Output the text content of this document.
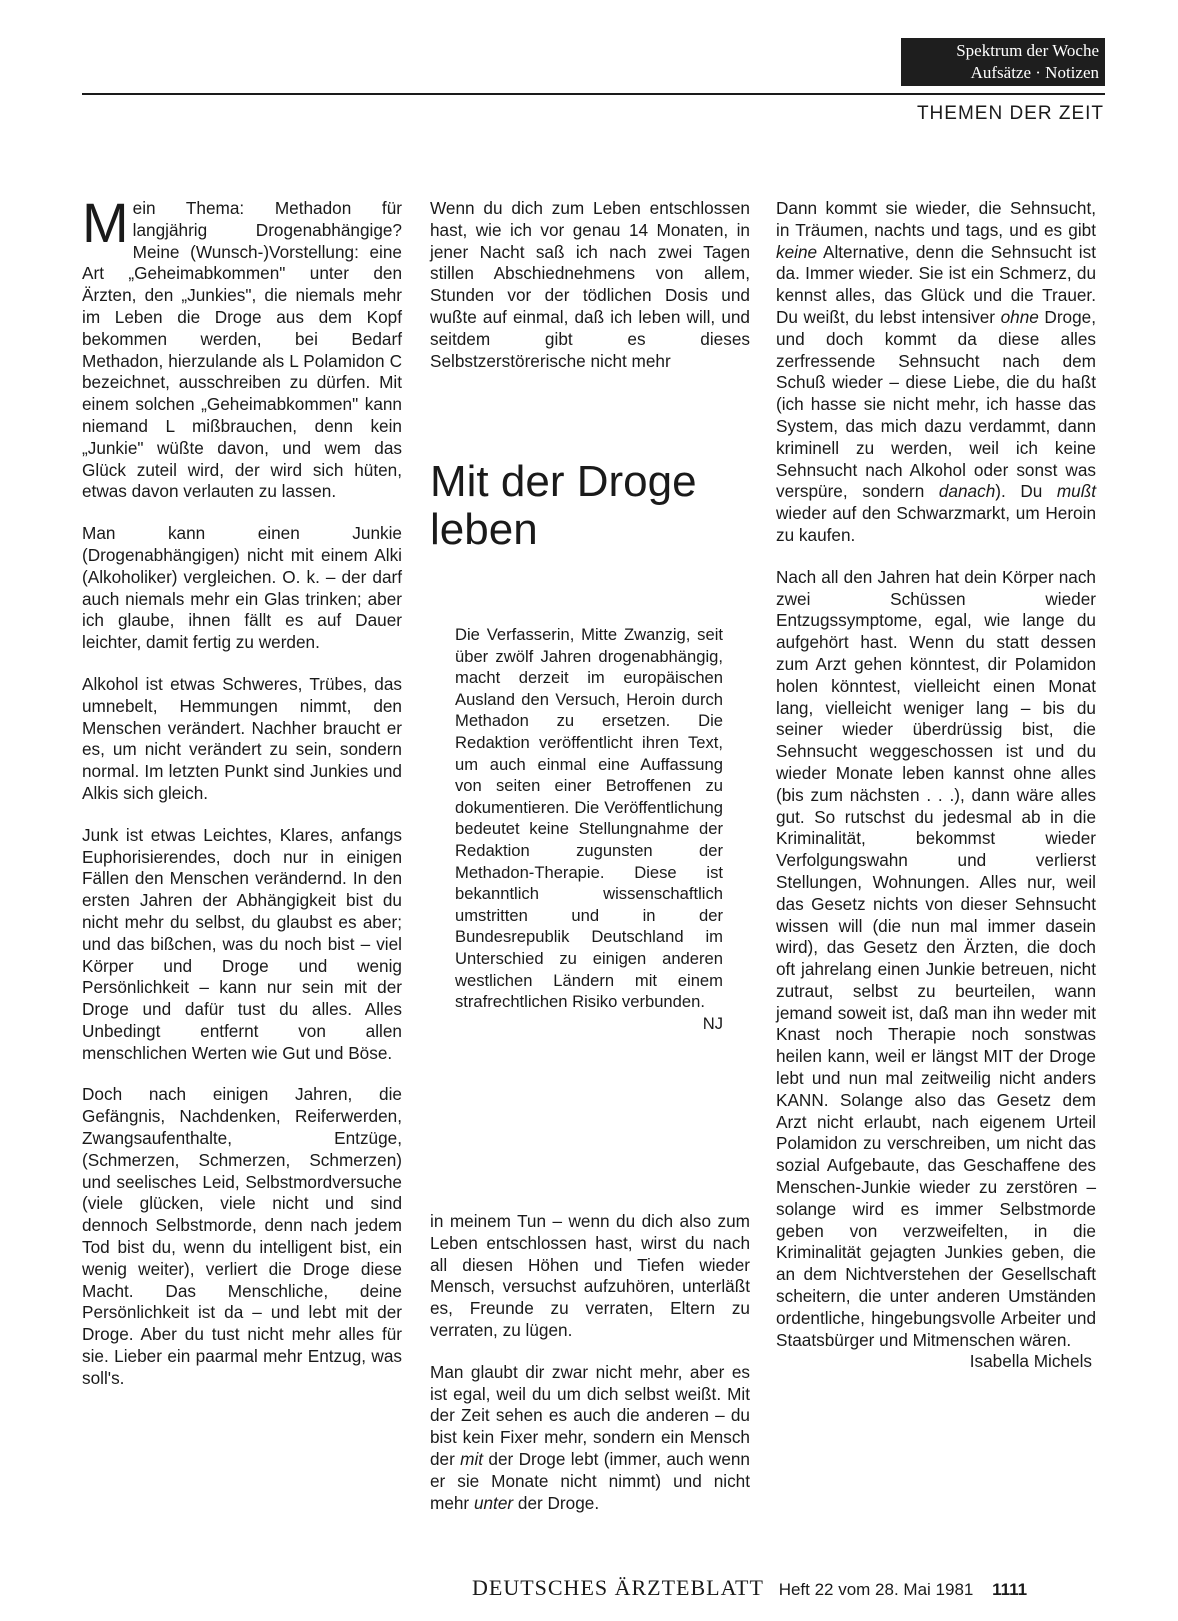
Spektrum der Woche
Aufsätze · Notizen
THEMEN DER ZEIT

Mein Thema: Methadon für langjährig Drogenabhängige? Meine (Wunsch-)Vorstellung: eine Art „Geheimabkommen" unter den Ärzten, den „Junkies", die niemals mehr im Leben die Droge aus dem Kopf bekommen werden, bei Bedarf Methadon, hierzulande als L Polamidon C bezeichnet, ausschreiben zu dürfen. Mit einem solchen „Geheimabkommen" kann niemand L mißbrauchen, denn kein „Junkie" wüßte davon, und wem das Glück zuteil wird, der wird sich hüten, etwas davon verlauten zu lassen.

Man kann einen Junkie (Drogenabhängigen) nicht mit einem Alki (Alkoholiker) vergleichen. O. k. – der darf auch niemals mehr ein Glas trinken; aber ich glaube, ihnen fällt es auf Dauer leichter, damit fertig zu werden.

Alkohol ist etwas Schweres, Trübes, das umnebelt, Hemmungen nimmt, den Menschen verändert. Nachher braucht er es, um nicht verändert zu sein, sondern normal. Im letzten Punkt sind Junkies und Alkis sich gleich.

Junk ist etwas Leichtes, Klares, anfangs Euphorisierendes, doch nur in einigen Fällen den Menschen verändernd. In den ersten Jahren der Abhängigkeit bist du nicht mehr du selbst, du glaubst es aber; und das bißchen, was du noch bist – viel Körper und Droge und wenig Persönlichkeit – kann nur sein mit der Droge und dafür tust du alles. Alles Unbedingt entfernt von allen menschlichen Werten wie Gut und Böse.

Doch nach einigen Jahren, die Gefängnis, Nachdenken, Reiferwerden, Zwangsaufenthalte, Entzüge, (Schmerzen, Schmerzen, Schmerzen) und seelisches Leid, Selbstmordversuche (viele glücken, viele nicht und sind dennoch Selbstmorde, denn nach jedem Tod bist du, wenn du intelligent bist, ein wenig weiter), verliert die Droge diese Macht. Das Menschliche, deine Persönlichkeit ist da – und lebt mit der Droge. Aber du tust nicht mehr alles für sie. Lieber ein paarmal mehr Entzug, was soll's.

Wenn du dich zum Leben entschlossen hast, wie ich vor genau 14 Monaten, in jener Nacht saß ich nach zwei Tagen stillen Abschiednehmens von allem, Stunden vor der tödlichen Dosis und wußte auf einmal, daß ich leben will, und seitdem gibt es dieses Selbstzerstörerische nicht mehr

Mit der Droge leben

Die Verfasserin, Mitte Zwanzig, seit über zwölf Jahren drogenabhängig, macht derzeit im europäischen Ausland den Versuch, Heroin durch Methadon zu ersetzen. Die Redaktion veröffentlicht ihren Text, um auch einmal eine Auffassung von seiten einer Betroffenen zu dokumentieren. Die Veröffentlichung bedeutet keine Stellungnahme der Redaktion zugunsten der Methadon-Therapie. Diese ist bekanntlich wissenschaftlich umstritten und in der Bundesrepublik Deutschland im Unterschied zu einigen anderen westlichen Ländern mit einem strafrechtlichen Risiko verbunden.
NJ

in meinem Tun – wenn du dich also zum Leben entschlossen hast, wirst du nach all diesen Höhen und Tiefen wieder Mensch, versuchst aufzuhören, unterläßt es, Freunde zu verraten, Eltern zu verraten, zu lügen.

Man glaubt dir zwar nicht mehr, aber es ist egal, weil du um dich selbst weißt. Mit der Zeit sehen es auch die anderen – du bist kein Fixer mehr, sondern ein Mensch der mit der Droge lebt (immer, auch wenn er sie Monate nicht nimmt) und nicht mehr unter der Droge.

Dann kommt sie wieder, die Sehnsucht, in Träumen, nachts und tags, und es gibt keine Alternative, denn die Sehnsucht ist da. Immer wieder. Sie ist ein Schmerz, du kennst alles, das Glück und die Trauer. Du weißt, du lebst intensiver ohne Droge, und doch kommt da diese alles zerfressende Sehnsucht nach dem Schuß wieder – diese Liebe, die du haßt (ich hasse sie nicht mehr, ich hasse das System, das mich dazu verdammt, dann kriminell zu werden, weil ich keine Sehnsucht nach Alkohol oder sonst was verspüre, sondern danach). Du mußt wieder auf den Schwarzmarkt, um Heroin zu kaufen.

Nach all den Jahren hat dein Körper nach zwei Schüssen wieder Entzugssymptome, egal, wie lange du aufgehört hast. Wenn du statt dessen zum Arzt gehen könntest, dir Polamidon holen könntest, vielleicht einen Monat lang, vielleicht weniger lang – bis du seiner wieder überdrüssig bist, die Sehnsucht weggeschossen ist und du wieder Monate leben kannst ohne alles (bis zum nächsten . . .), dann wäre alles gut. So rutschst du jedesmal ab in die Kriminalität, bekommst wieder Verfolgungswahn und verlierst Stellungen, Wohnungen. Alles nur, weil das Gesetz nichts von dieser Sehnsucht wissen will (die nun mal immer dasein wird), das Gesetz den Ärzten, die doch oft jahrelang einen Junkie betreuen, nicht zutraut, selbst zu beurteilen, wann jemand soweit ist, daß man ihn weder mit Knast noch Therapie noch sonstwas heilen kann, weil er längst MIT der Droge lebt und nun mal zeitweilig nicht anders KANN. Solange also das Gesetz dem Arzt nicht erlaubt, nach eigenem Urteil Polamidon zu verschreiben, um nicht das sozial Aufgebaute, das Geschaffene des Menschen-Junkie wieder zu zerstören – solange wird es immer Selbstmorde geben von verzweifelten, in die Kriminalität gejagten Junkies geben, die an dem Nichtverstehen der Gesellschaft scheitern, die unter anderen Umständen ordentliche, hingebungsvolle Arbeiter und Staatsbürger und Mitmenschen wären.

Isabella Michels

DEUTSCHES ÄRZTEBLATT Heft 22 vom 28. Mai 1981 1111
